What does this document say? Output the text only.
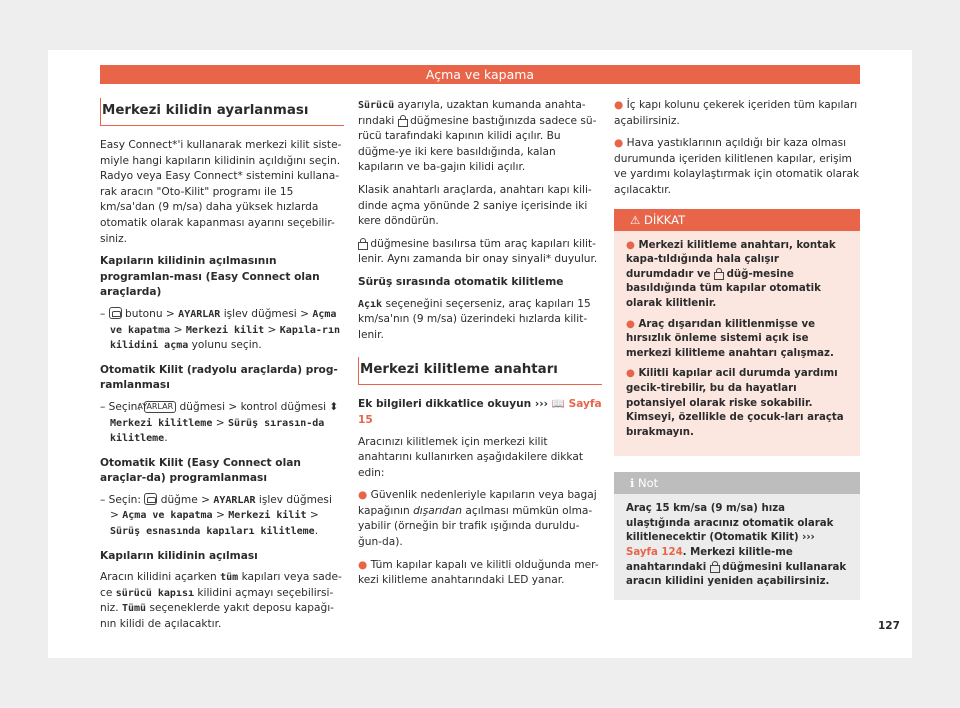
Açma ve kapama
Merkezi kilidin ayarlanması

Easy Connect*'i kullanarak merkezi kilit siste-miyle hangi kapıların kilidinin açıldığını seçin. Radyo veya Easy Connect* sistemini kullana-rak aracın "Oto-Kilit" programı ile 15 km/sa'dan (9 m/sa) daha yüksek hızlarda otomatik olarak kapanması ayarını seçebilir-siniz.

Kapıların kilidinin açılmasının programlan-ması (Easy Connect olan araçlarda)
– butonu > AYARLAR işlev düğmesi > Açma ve kapatma > Merkezi kilit > Kapıla-rın kilidini açma yolunu seçin.
Otomatik Kilit (radyolu araçlarda) prog-ramlanması
– Seçin: AYARLAR düğmesi > kontrol düğmesi ⬍ Merkezi kilitleme > Sürüş sırasın-da kilitleme.
Otomatik Kilit (Easy Connect olan araçlar-da) programlanması
– Seçin: düğme > AYARLAR işlev düğmesi > Açma ve kapatma > Merkezi kilit > Sürüş esnasında kapıları kilitleme.
Kapıların kilidinin açılması

Aracın kilidini açarken tüm kapıları veya sade-ce sürücü kapısı kilidini açmayı seçebilirsi-niz. Tümü seçeneklerde yakıt deposu kapağı-nın kilidi de açılacaktır.

Sürücü ayarıyla, uzaktan kumanda anahta-rındaki düğmesine bastığınızda sadece sü-rücü tarafındaki kapının kilidi açılır. Bu düğme-ye iki kere basıldığında, kalan kapıların ve ba-gajın kilidi açılır.

Klasik anahtarlı araçlarda, anahtarı kapı kili-dinde açma yönünde 2 saniye içerisinde iki kere döndürün.

düğmesine basılırsa tüm araç kapıları kilit-lenir. Aynı zamanda bir onay sinyali* duyulur.

Sürüş sırasında otomatik kilitleme

Açık seçeneğini seçerseniz, araç kapıları 15 km/sa'nın (9 m/sa) üzerindeki hızlarda kilit-lenir.

Merkezi kilitleme anahtarı
Ek bilgileri dikkatlice okuyun ››› 📖 Sayfa 15

Aracınızı kilitlemek için merkezi kilit anahtarını kullanırken aşağıdakilere dikkat edin:

● Güvenlik nedenleriyle kapıların veya bagaj kapağının dışarıdan açılması mümkün olma-yabilir (örneğin bir trafik ışığında duruldu-ğun-da).

● Tüm kapılar kapalı ve kilitli olduğunda mer-kezi kilitleme anahtarındaki LED yanar.

● İç kapı kolunu çekerek içeriden tüm kapıları açabilirsiniz.

● Hava yastıklarının açıldığı bir kaza olması durumunda içeriden kilitlenen kapılar, erişim ve yardımı kolaylaştırmak için otomatik olarak açılacaktır.

⚠ DİKKAT
● Merkezi kilitleme anahtarı, kontak kapa-tıldığında hala çalışır durumdadır ve düğ-mesine basıldığında tüm kapılar otomatik olarak kilitlenir.
● Araç dışarıdan kilitlenmişse ve hırsızlık önleme sistemi açık ise merkezi kilitleme anahtarı çalışmaz.
● Kilitli kapılar acil durumda yardımı gecik-tirebilir, bu da hayatları potansiyel olarak riske sokabilir. Kimseyi, özellikle de çocuk-ları araçta bırakmayın.
ℹ Not
Araç 15 km/sa (9 m/sa) hıza ulaştığında aracınız otomatik olarak kilitlenecektir (Otomatik Kilit) ››› Sayfa 124. Merkezi kilitle-me anahtarındaki düğmesini kullanarak aracın kilidini yeniden açabilirsiniz.
127
